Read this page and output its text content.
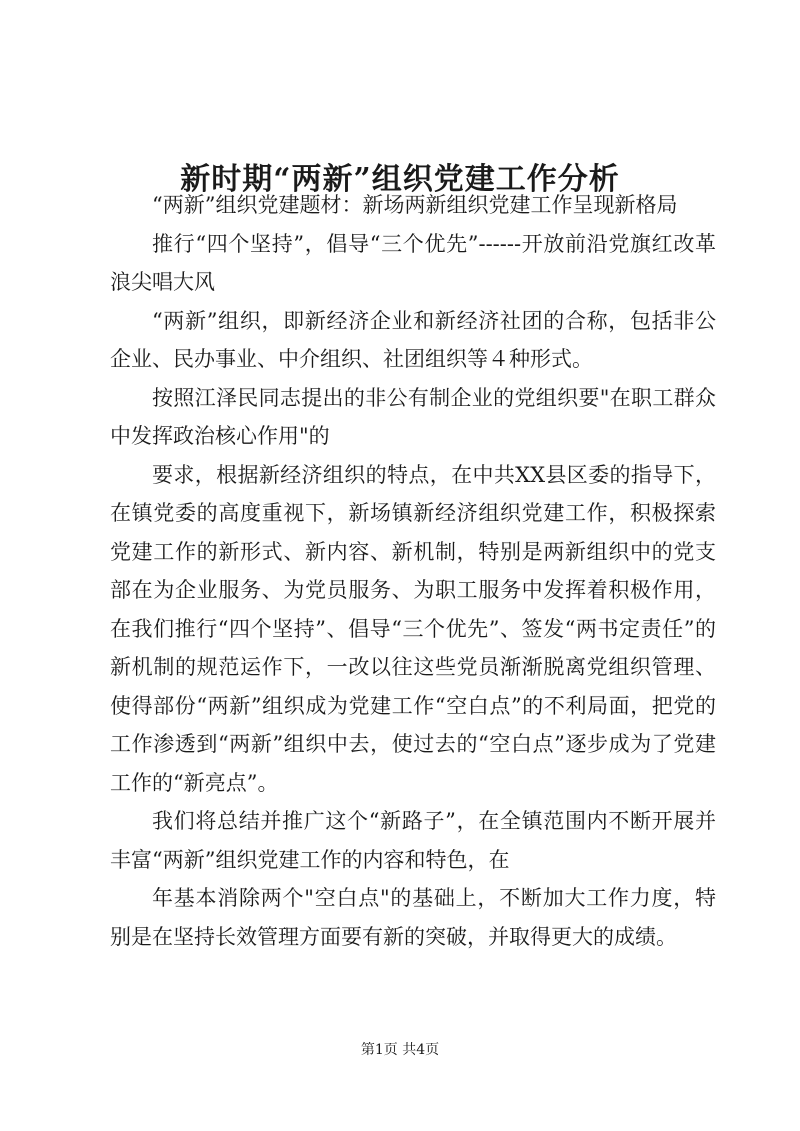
新时期“两新”组织党建工作分析

“两新”组织党建题材：新场两新组织党建工作呈现新格局

推行“四个坚持”，倡导“三个优先”------开放前沿党旗红改革浪尖唱大风

“两新”组织，即新经济企业和新经济社团的合称，包括非公企业、民办事业、中介组织、社团组织等４种形式。

按照江泽民同志提出的非公有制企业的党组织要"在职工群众中发挥政治核心作用"的

要求，根据新经济组织的特点，在中共XX县区委的指导下，在镇党委的高度重视下，新场镇新经济组织党建工作，积极探索党建工作的新形式、新内容、新机制，特别是两新组织中的党支部在为企业服务、为党员服务、为职工服务中发挥着积极作用，在我们推行“四个坚持”、倡导“三个优先”、签发“两书定责任”的新机制的规范运作下，一改以往这些党员渐渐脱离党组织管理、使得部份“两新”组织成为党建工作“空白点”的不利局面，把党的工作渗透到“两新”组织中去，使过去的“空白点”逐步成为了党建工作的“新亮点”。

我们将总结并推广这个“新路子”，在全镇范围内不断开展并丰富“两新”组织党建工作的内容和特色，在

年基本消除两个"空白点"的基础上，不断加大工作力度，特别是在坚持长效管理方面要有新的突破，并取得更大的成绩。

第1页 共4页
